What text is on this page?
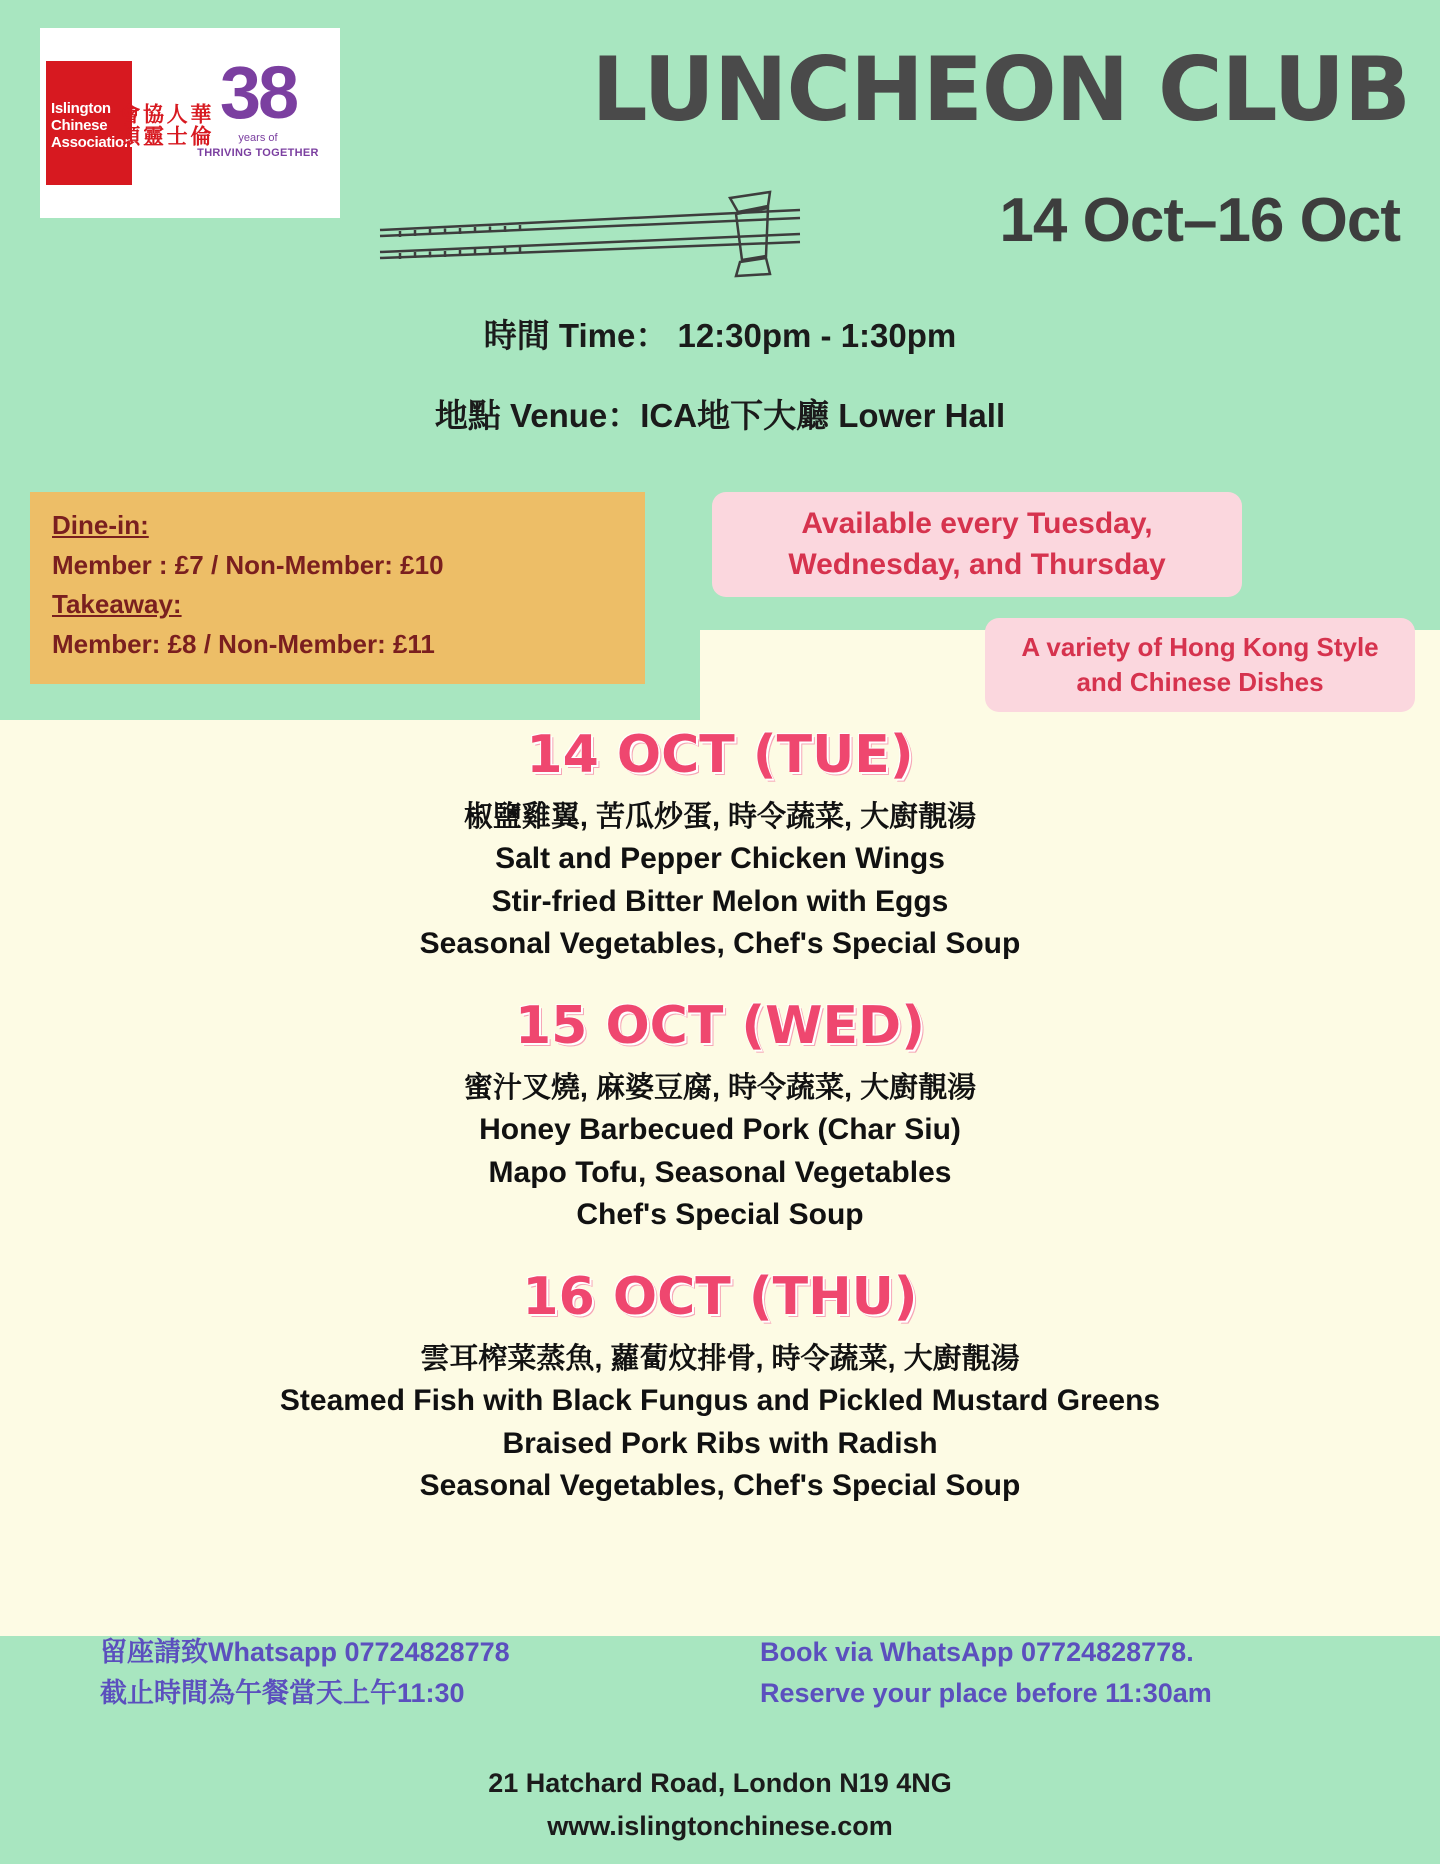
Islington Chinese Association	華倫
人士
協靈
會頓	38
years of
THRIVING TOGETHER
LUNCHEON CLUB
14 Oct–16 Oct
時間 Time： 12:30pm - 1:30pm
地點 Venue：ICA地下大廳 Lower Hall
Dine-in:
Member : £7 / Non-Member: £10
Takeaway:
Member: £8 / Non-Member: £11
Available every Tuesday, Wednesday, and Thursday
A variety of Hong Kong Style and Chinese Dishes
14 OCT (TUE)
椒鹽雞翼, 苦瓜炒蛋, 時令蔬菜, 大廚靚湯
Salt and Pepper Chicken Wings
Stir-fried Bitter Melon with Eggs
Seasonal Vegetables, Chef's Special Soup
15 OCT (WED)
蜜汁叉燒, 麻婆豆腐, 時令蔬菜, 大廚靚湯
Honey Barbecued Pork (Char Siu)
Mapo Tofu, Seasonal Vegetables
Chef's Special Soup
16 OCT (THU)
雲耳榨菜蒸魚, 蘿蔔炆排骨, 時令蔬菜, 大廚靚湯
Steamed Fish with Black Fungus and Pickled Mustard Greens
Braised Pork Ribs with Radish
Seasonal Vegetables, Chef's Special Soup
留座請致Whatsapp 07724828778
截止時間為午餐當天上午11:30
Book via WhatsApp 07724828778.
Reserve your place before 11:30am
21 Hatchard Road, London N19 4NG
www.islingtonchinese.com
